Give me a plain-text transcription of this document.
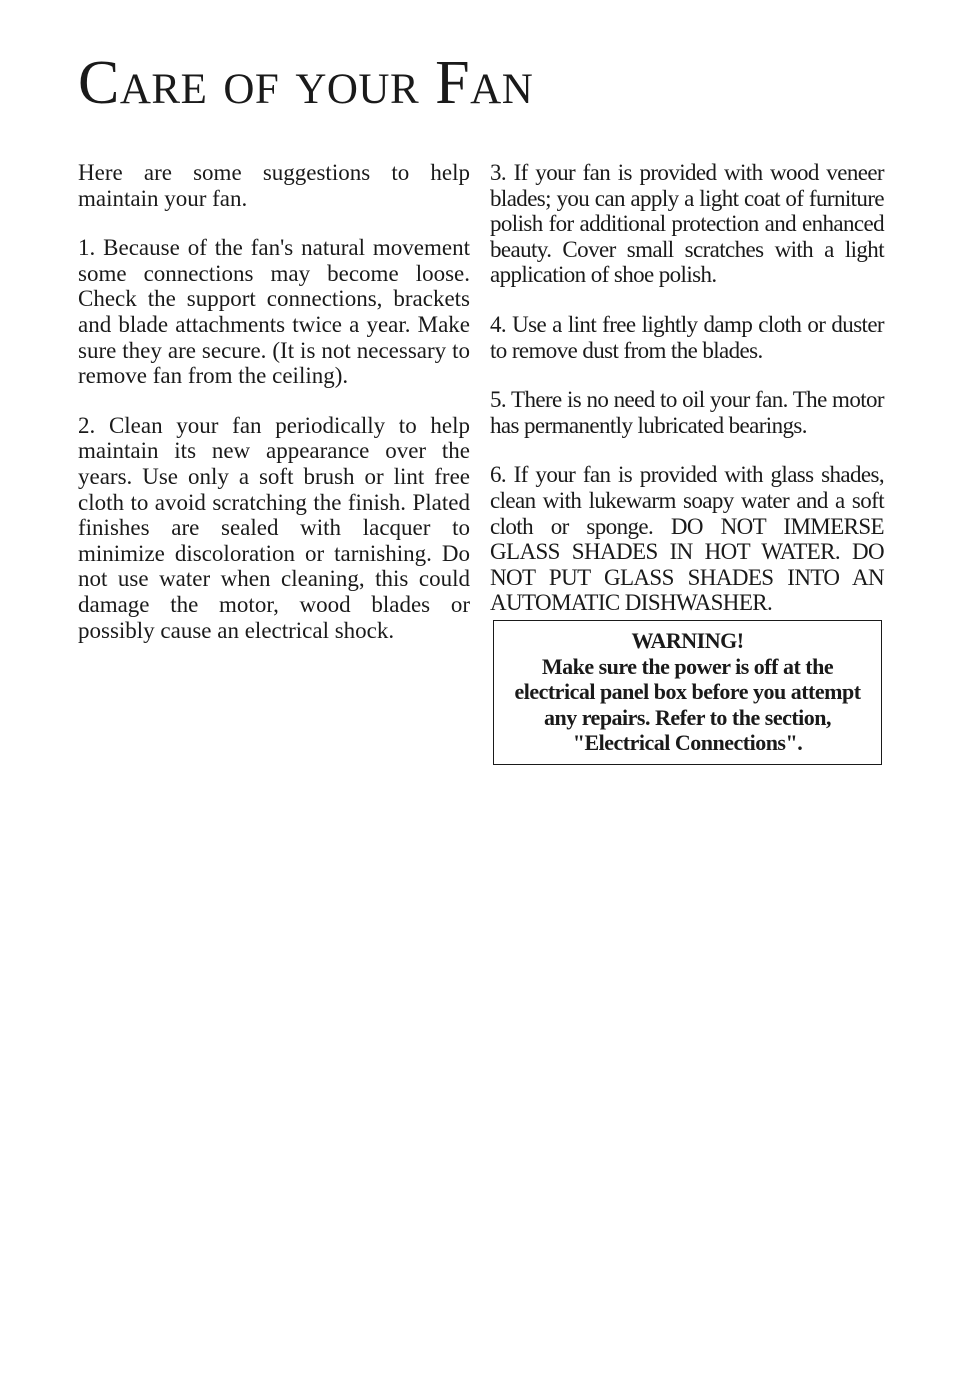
Care of your Fan

Here are some suggestions to help maintain your fan.

1. Because of the fan's natural movement some connections may become loose. Check the support connections, brackets and blade attachments twice a year. Make sure they are secure. (It is not necessary to remove fan from the ceiling).

2. Clean your fan periodically to help maintain its new appearance over the years. Use only a soft brush or lint free cloth to avoid scratching the finish. Plated finishes are sealed with lacquer to minimize discoloration or tarnishing. Do not use water when cleaning, this could damage the motor, wood blades or possibly cause an electrical shock.

3. If your fan is provided with wood veneer blades; you can apply a light coat of furniture polish for additional protection and enhanced beauty. Cover small scratches with a light application of shoe polish.

4. Use a lint free lightly damp cloth or duster to remove dust from the blades.

5. There is no need to oil your fan. The motor has permanently lubricated bearings.

6. If your fan is provided with glass shades, clean with lukewarm soapy water and a soft cloth or sponge. DO NOT IMMERSE GLASS SHADES IN HOT WATER. DO NOT PUT GLASS SHADES INTO AN AUTOMATIC DISHWASHER.

WARNING!
Make sure the power is off at the electrical panel box before you attempt any repairs. Refer to the section, "Electrical Connections".
